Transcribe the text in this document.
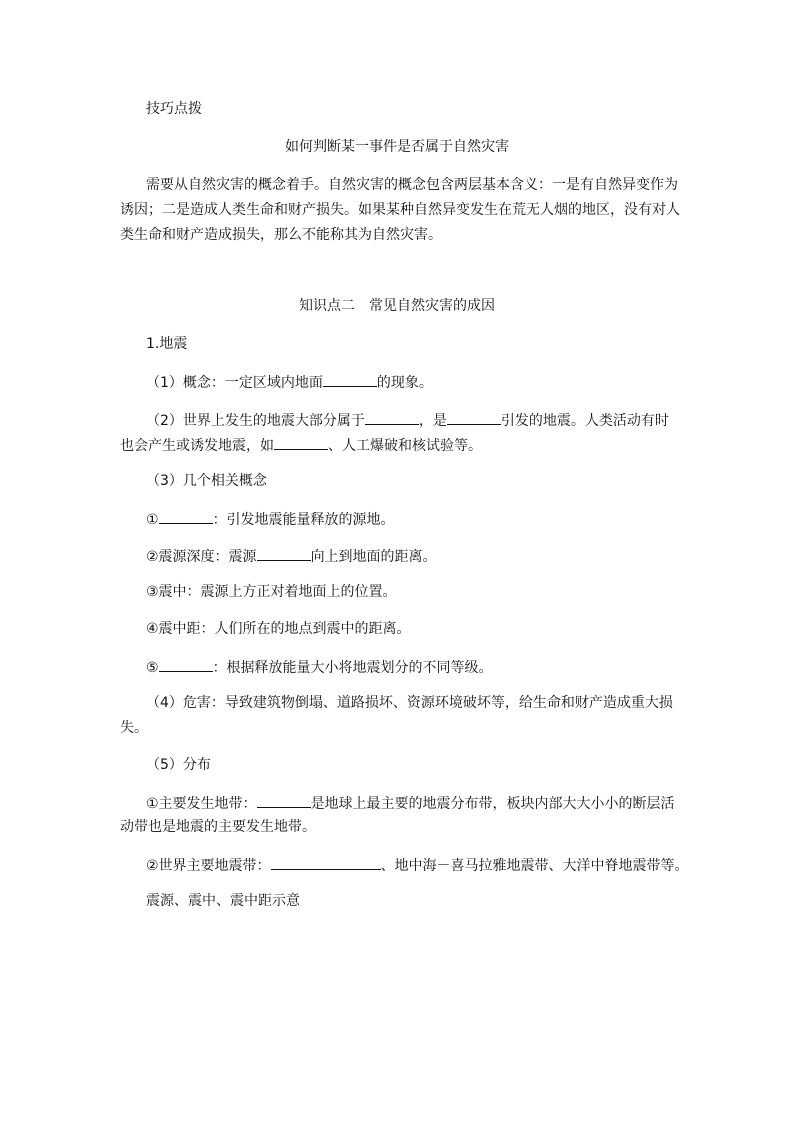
技巧点拨
如何判断某一事件是否属于自然灾害
需要从自然灾害的概念着手。自然灾害的概念包含两层基本含义：一是有自然异变作为
诱因；二是造成人类生命和财产损失。如果某种自然异变发生在荒无人烟的地区，没有对人
类生命和财产造成损失，那么不能称其为自然灾害。
知识点二　常见自然灾害的成因
1.地震
（1）概念：一定区域内地面	的现象。
（2）世界上发生的地震大部分属于	，是	引发的地震。人类活动有时
也会产生或诱发地震，如	、人工爆破和核试验等。
（3）几个相关概念
①	：引发地震能量释放的源地。
②震源深度：震源	向上到地面的距离。
③震中：震源上方正对着地面上的位置。
④震中距：人们所在的地点到震中的距离。
⑤	：根据释放能量大小将地震划分的不同等级。
（4）危害：导致建筑物倒塌、道路损坏、资源环境破坏等，给生命和财产造成重大损
失。
（5）分布
①主要发生地带：	是地球上最主要的地震分布带，板块内部大大小小的断层活
动带也是地震的主要发生地带。
②世界主要地震带：	、地中海－喜马拉雅地震带、大洋中脊地震带等。
震源、震中、震中距示意
